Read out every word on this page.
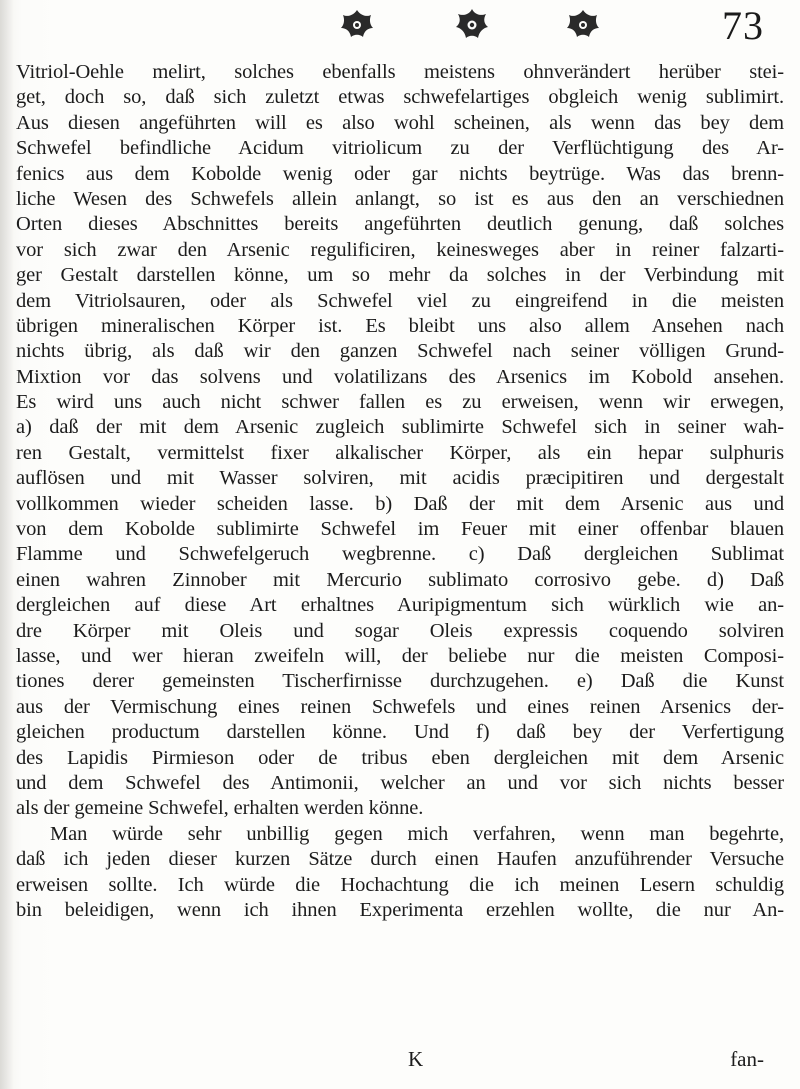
73
Vitriol-Oehle melirt, solches ebenfalls meistens ohnverändert herüber stei-
get, doch so, daß sich zuletzt etwas schwefelartiges obgleich wenig sublimirt.
Aus diesen angeführten will es also wohl scheinen, als wenn das bey dem
Schwefel befindliche Acidum vitriolicum zu der Verflüchtigung des Ar-
fenics aus dem Kobolde wenig oder gar nichts beytrüge. Was das brenn-
liche Wesen des Schwefels allein anlangt, so ist es aus den an verschiednen
Orten dieses Abschnittes bereits angeführten deutlich genung, daß solches
vor sich zwar den Arsenic regulificiren, keinesweges aber in reiner falzarti-
ger Gestalt darstellen könne, um so mehr da solches in der Verbindung mit
dem Vitriolsauren, oder als Schwefel viel zu eingreifend in die meisten
übrigen mineralischen Körper ist. Es bleibt uns also allem Ansehen nach
nichts übrig, als daß wir den ganzen Schwefel nach seiner völligen Grund-
Mixtion vor das solvens und volatilizans des Arsenics im Kobold ansehen.
Es wird uns auch nicht schwer fallen es zu erweisen, wenn wir erwegen,
a) daß der mit dem Arsenic zugleich sublimirte Schwefel sich in seiner wah-
ren Gestalt, vermittelst fixer alkalischer Körper, als ein hepar sulphuris
auflösen und mit Wasser solviren, mit acidis præcipitiren und dergestalt
vollkommen wieder scheiden lasse. b) Daß der mit dem Arsenic aus und
von dem Kobolde sublimirte Schwefel im Feuer mit einer offenbar blauen
Flamme und Schwefelgeruch wegbrenne. c) Daß dergleichen Sublimat
einen wahren Zinnober mit Mercurio sublimato corrosivo gebe. d) Daß
dergleichen auf diese Art erhaltnes Auripigmentum sich würklich wie an-
dre Körper mit Oleis und sogar Oleis expressis coquendo solviren
lasse, und wer hieran zweifeln will, der beliebe nur die meisten Composi-
tiones derer gemeinsten Tischerfirnisse durchzugehen. e) Daß die Kunst
aus der Vermischung eines reinen Schwefels und eines reinen Arsenics der-
gleichen productum darstellen könne. Und f) daß bey der Verfertigung
des Lapidis Pirmieson oder de tribus eben dergleichen mit dem Arsenic
und dem Schwefel des Antimonii, welcher an und vor sich nichts besser
als der gemeine Schwefel, erhalten werden könne.
Man würde sehr unbillig gegen mich verfahren, wenn man begehrte,
daß ich jeden dieser kurzen Sätze durch einen Haufen anzuführender Versuche
erweisen sollte. Ich würde die Hochachtung die ich meinen Lesern schuldig
bin beleidigen, wenn ich ihnen Experimenta erzehlen wollte, die nur An-
K	fan-
